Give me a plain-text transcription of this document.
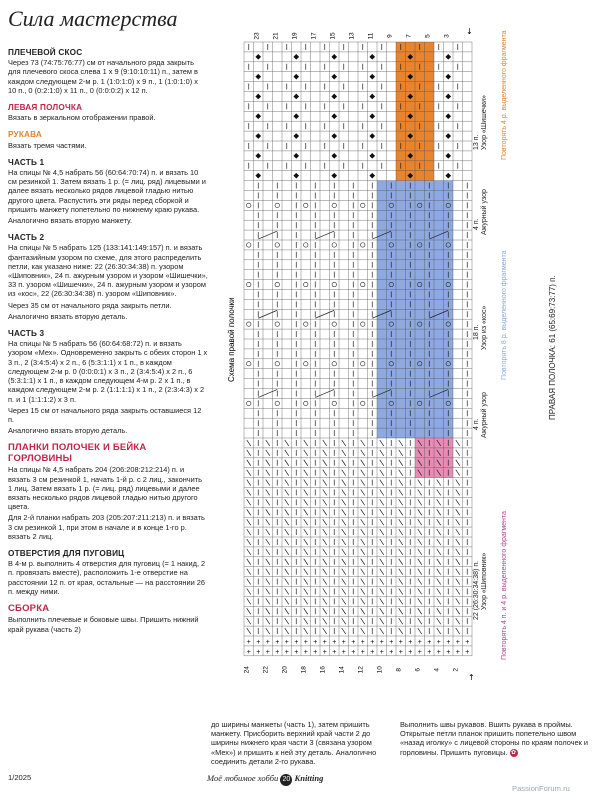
Сила мастерства
ПЛЕЧЕВОЙ СКОС

Через 73 (74:75:76:77) см от начального ряда закрыть для плечевого скоса слева 1 x 9 (9:10:10:11) п., затем в каждом следующем 2-м р. 1 (1:0:1:0) x 9 п., 1 (1:0:1:0) x 10 п., 0 (0:2:1:0) x 11 п., 0 (0:0:0:2) x 12 п.

ЛЕВАЯ ПОЛОЧКА

Вязать в зеркальном отображении правой.

РУКАВА

Вязать тремя частями.

ЧАСТЬ 1

На спицы № 4,5 набрать 56 (60:64:70:74) п. и вязать 10 см резинкой 1. Затем вязать 1 р. (= лиц. ряд) лицевыми и далее вязать несколько рядов лицевой гладью нитью другого цвета. Распустить эти ряды перед сборкой и пришить манжету попетельно по нижнему краю рукава.

Аналогично вязать вторую манжету.

ЧАСТЬ 2

На спицы № 5 набрать 125 (133:141:149:157) п. и вязать фантазийным узором по схеме, для этого распределить петли, как указано ниже: 22 (26:30:34:38) п. узором «Шиповник», 24 п. ажурным узором и узором «Шишечки», 33 п. узором «Шишечки», 24 п. ажурным узором и узором из «кос», 22 (26:30:34:38) п. узором «Шиповник».

Через 35 см от начального ряда закрыть петли.

Аналогично вязать вторую деталь.

ЧАСТЬ 3

На спицы № 5 набрать 56 (60:64:68:72) п. и вязать узором «Мех». Одновременно закрыть с обеих сторон 1 x 3 п., 2 (3:4:5:4) x 2 п., 6 (5:3:1:1) x 1 п., в каждом следующем 2-м р. 0 (0:0:0:1) x 3 п., 2 (3:4:5:4) x 2 п., 6 (5:3:1:1) x 1 п., в каждом следующем 4-м р. 2 x 1 п., в каждом следующем 2-м р. 2 (1:1:1:1) x 1 п., 2 (2:3:4:3) x 2 п. и 1 (1:1:1:2) x 3 п.

Через 15 см от начального ряда закрыть оставшиеся 12 п.

Аналогично вязать вторую деталь.

ПЛАНКИ ПОЛОЧЕК И БЕЙКА ГОРЛОВИНЫ

На спицы № 4,5 набрать 204 (206:208:212:214) п. и вязать 3 см резинкой 1, начать 1-й р. с 2 лиц., закончить 1 лиц. Затем вязать 1 р. (= лиц. ряд) лицевыми и далее вязать несколько рядов лицевой гладью нитью другого цвета.

Для 2-й планки набрать 203 (205:207:211:213) п. и вязать 3 см резинкой 1, при этом в начале и в конце 1-го р. вязать 2 лиц.

ОТВЕРСТИЯ ДЛЯ ПУГОВИЦ

В 4-м р. выполнить 4 отверстия для пуговиц (= 1 накид, 2 п. провязать вместе), расположить 1-е отверстие на расстоянии 12 п. от края, остальные — на расстоянии 26 п. между ними.

СБОРКА

Выполнить плечевые и боковые швы. Пришить нижний край рукава (часть 2)

до ширины манжеты (часть 1), затем пришить манжету. Присборить верхний край части 2 до ширины нижнего края части 3 (связана узором «Мех») и пришить к ней эту деталь. Аналогично соединить детали 2-го рукава.
Выполнить швы рукавов. Вшить рукава в проймы. Открытые петли планок пришить попетельно швом «назад иголку» с лицевой стороны по краям полочек и горловины. Пришить пуговицы. ✿
+ + + + + + + + + + + + + + + + + + + + + + + +
+ + + + + + + + + + + + + + + + + + + + + + + +
23 21 19 17 15 13 11 9 7 5 3
24 22 20 18 16 14 12 10 8 6 4 2
Схема правой полочки
13 п. Узор «Шишечки» Повторять 4 р. выделенного фрагмента
4 п. Ажурный узор
18 п. Узор из «кос» Повторять 8 р. выделенного фрагмента
4 п. Ажурный узор
22 (26:30:34:38) п. Узор «Шиповник» Повторять 4 п. и 4 р. выделенного фрагмента
ПРАВАЯ ПОЛОЧКА: 61 (65:69:73:77) п.
↓
↑
1/2025	Моё любимое хобби 20 Knitting
PassionForum.ru
